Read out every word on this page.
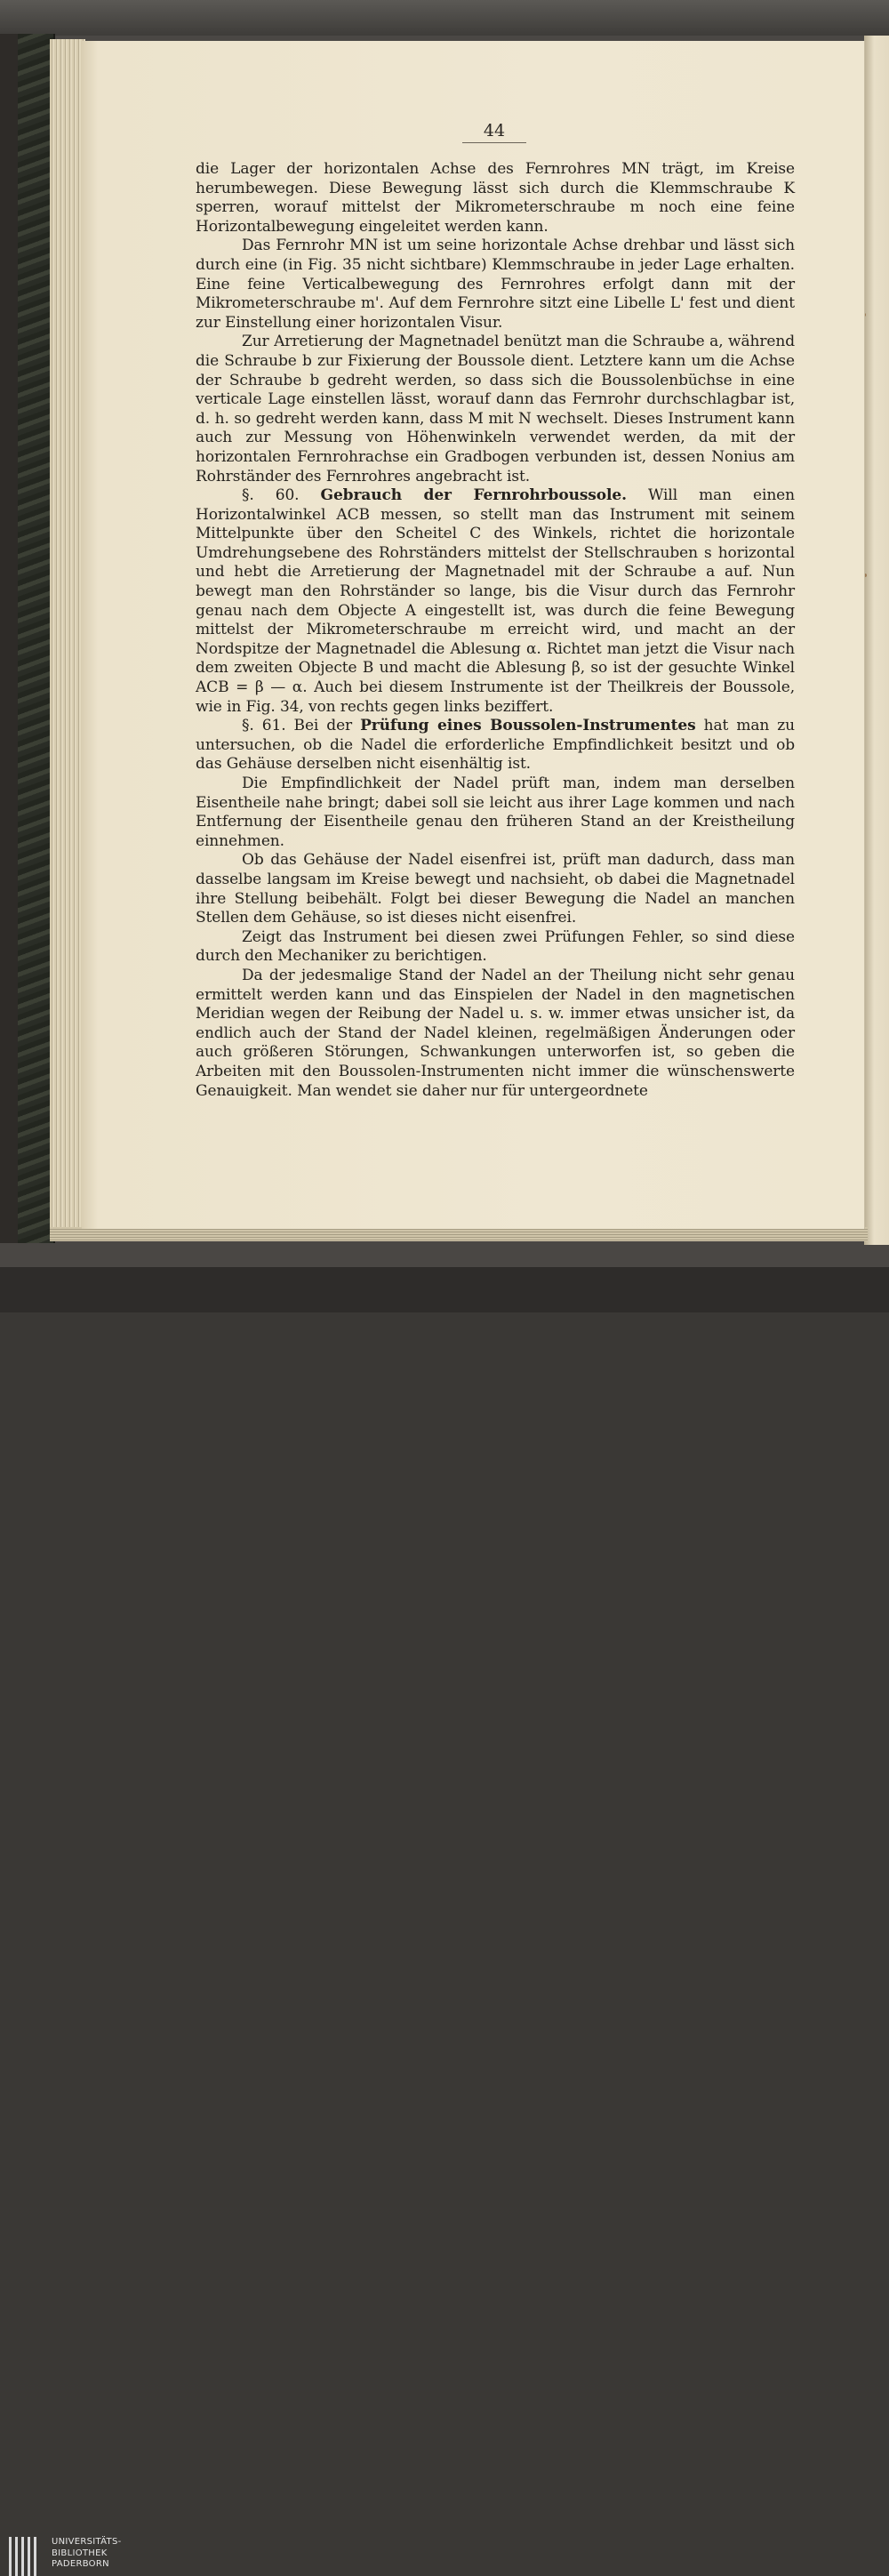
44

die Lager der horizontalen Achse des Fernrohres MN trägt, im Kreise herumbewegen. Diese Bewegung lässt sich durch die Klemmschraube K sperren, worauf mittelst der Mikrometerschraube m noch eine feine Horizontalbewegung eingeleitet werden kann.

Das Fernrohr MN ist um seine horizontale Achse drehbar und lässt sich durch eine (in Fig. 35 nicht sichtbare) Klemmschraube in jeder Lage erhalten. Eine feine Verticalbewegung des Fernrohres erfolgt dann mit der Mikrometerschraube m'. Auf dem Fernrohre sitzt eine Libelle L' fest und dient zur Einstellung einer horizontalen Visur.

Zur Arretierung der Magnetnadel benützt man die Schraube a, während die Schraube b zur Fixierung der Boussole dient. Letztere kann um die Achse der Schraube b gedreht werden, so dass sich die Boussolenbüchse in eine verticale Lage einstellen lässt, worauf dann das Fernrohr durchschlagbar ist, d. h. so gedreht werden kann, dass M mit N wechselt. Dieses Instrument kann auch zur Messung von Höhenwinkeln verwendet werden, da mit der horizontalen Fernrohrachse ein Gradbogen verbunden ist, dessen Nonius am Rohrständer des Fernrohres angebracht ist.

§. 60. Gebrauch der Fernrohrboussole. Will man einen Horizontalwinkel ACB messen, so stellt man das Instrument mit seinem Mittelpunkte über den Scheitel C des Winkels, richtet die horizontale Umdrehungsebene des Rohrständers mittelst der Stellschrauben s horizontal und hebt die Arretierung der Magnetnadel mit der Schraube a auf. Nun bewegt man den Rohrständer so lange, bis die Visur durch das Fernrohr genau nach dem Objecte A eingestellt ist, was durch die feine Bewegung mittelst der Mikrometerschraube m erreicht wird, und macht an der Nordspitze der Magnetnadel die Ablesung α. Richtet man jetzt die Visur nach dem zweiten Objecte B und macht die Ablesung β, so ist der gesuchte Winkel ACB = β — α. Auch bei diesem Instrumente ist der Theilkreis der Boussole, wie in Fig. 34, von rechts gegen links beziffert.

§. 61. Bei der Prüfung eines Boussolen-Instrumentes hat man zu untersuchen, ob die Nadel die erforderliche Empfindlichkeit besitzt und ob das Gehäuse derselben nicht eisenhältig ist.

Die Empfindlichkeit der Nadel prüft man, indem man derselben Eisentheile nahe bringt; dabei soll sie leicht aus ihrer Lage kommen und nach Entfernung der Eisentheile genau den früheren Stand an der Kreistheilung einnehmen.

Ob das Gehäuse der Nadel eisenfrei ist, prüft man dadurch, dass man dasselbe langsam im Kreise bewegt und nachsieht, ob dabei die Magnetnadel ihre Stellung beibehält. Folgt bei dieser Bewegung die Nadel an manchen Stellen dem Gehäuse, so ist dieses nicht eisenfrei.

Zeigt das Instrument bei diesen zwei Prüfungen Fehler, so sind diese durch den Mechaniker zu berichtigen.

Da der jedesmalige Stand der Nadel an der Theilung nicht sehr genau ermittelt werden kann und das Einspielen der Nadel in den magnetischen Meridian wegen der Reibung der Nadel u. s. w. immer etwas unsicher ist, da endlich auch der Stand der Nadel kleinen, regelmäßigen Änderungen oder auch größeren Störungen, Schwankungen unterworfen ist, so geben die Arbeiten mit den Boussolen-Instrumenten nicht immer die wünschenswerte Genauigkeit. Man wendet sie daher nur für untergeordnete

UNIVERSITÄTS-
BIBLIOTHEK
PADERBORN
